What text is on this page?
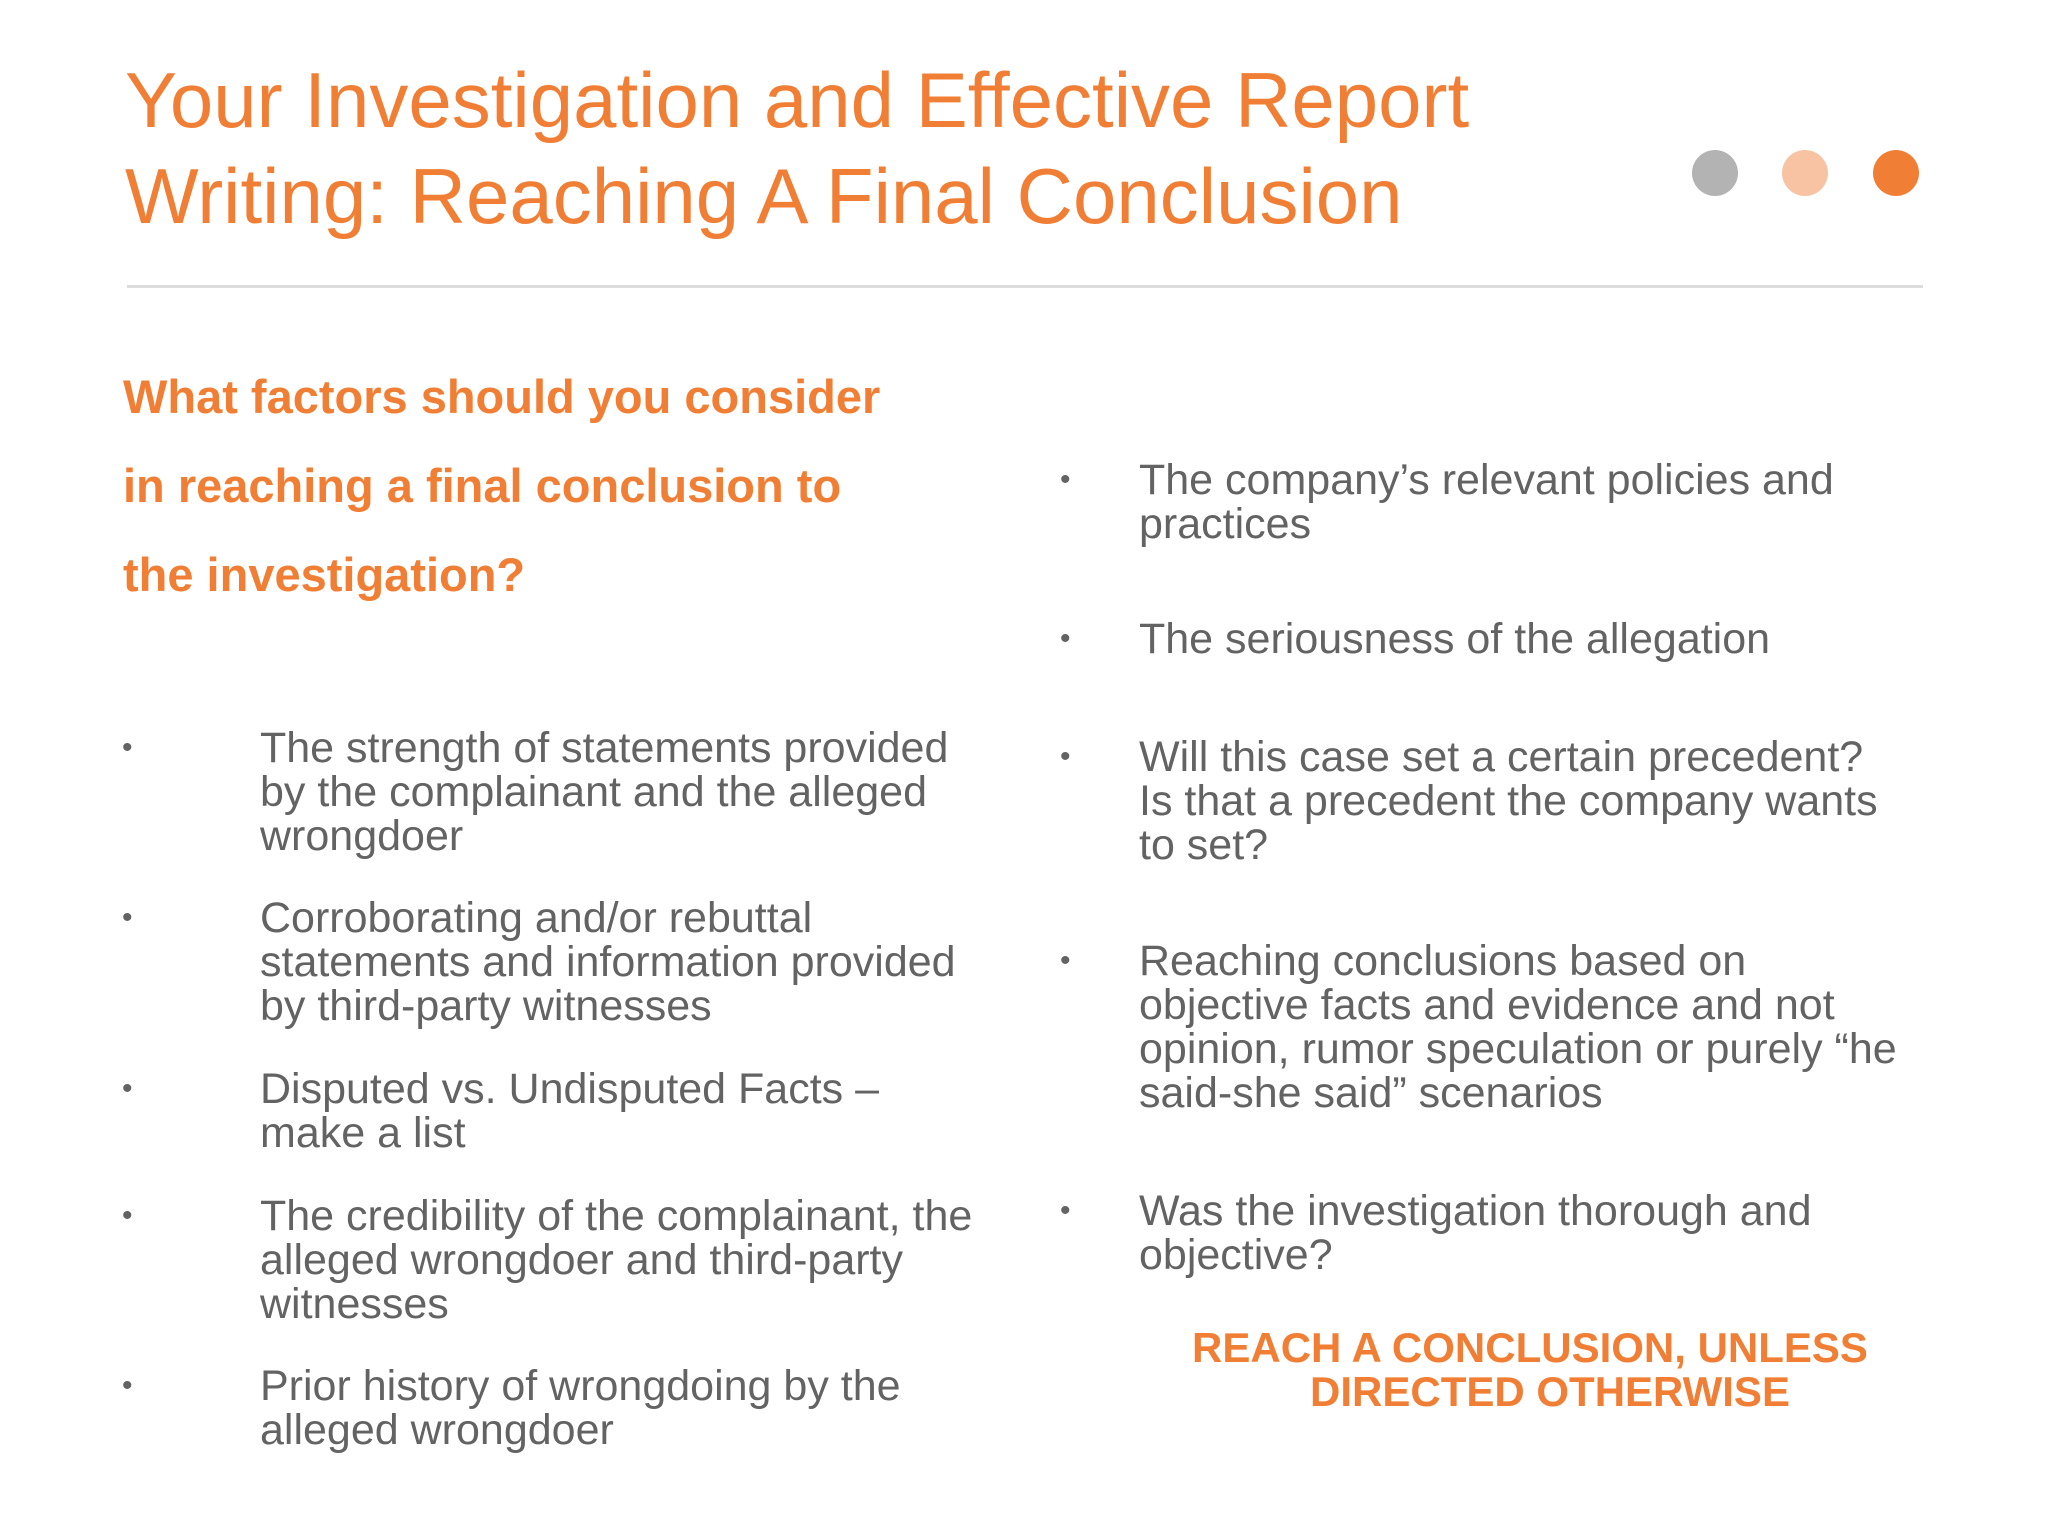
Your Investigation and Effective Report
Writing: Reaching A Final Conclusion
What factors should you consider
in reaching a final conclusion to
the investigation?
•	The strength of statements provided
by the complainant and the alleged
wrongdoer
•	Corroborating and/or rebuttal
statements and information provided
by third-party witnesses
•	Disputed vs. Undisputed Facts –
make a list
•	The credibility of the complainant, the
alleged wrongdoer and third-party
witnesses
•	Prior history of wrongdoing by the
alleged wrongdoer
• The company’s relevant policies and
practices
• The seriousness of the allegation
• Will this case set a certain precedent?
Is that a precedent the company wants
to set?
• Reaching conclusions based on
objective facts and evidence and not
opinion, rumor speculation or purely “he
said-she said” scenarios
• Was the investigation thorough and
objective?
REACH A CONCLUSION, UNLESS
DIRECTED OTHERWISE
